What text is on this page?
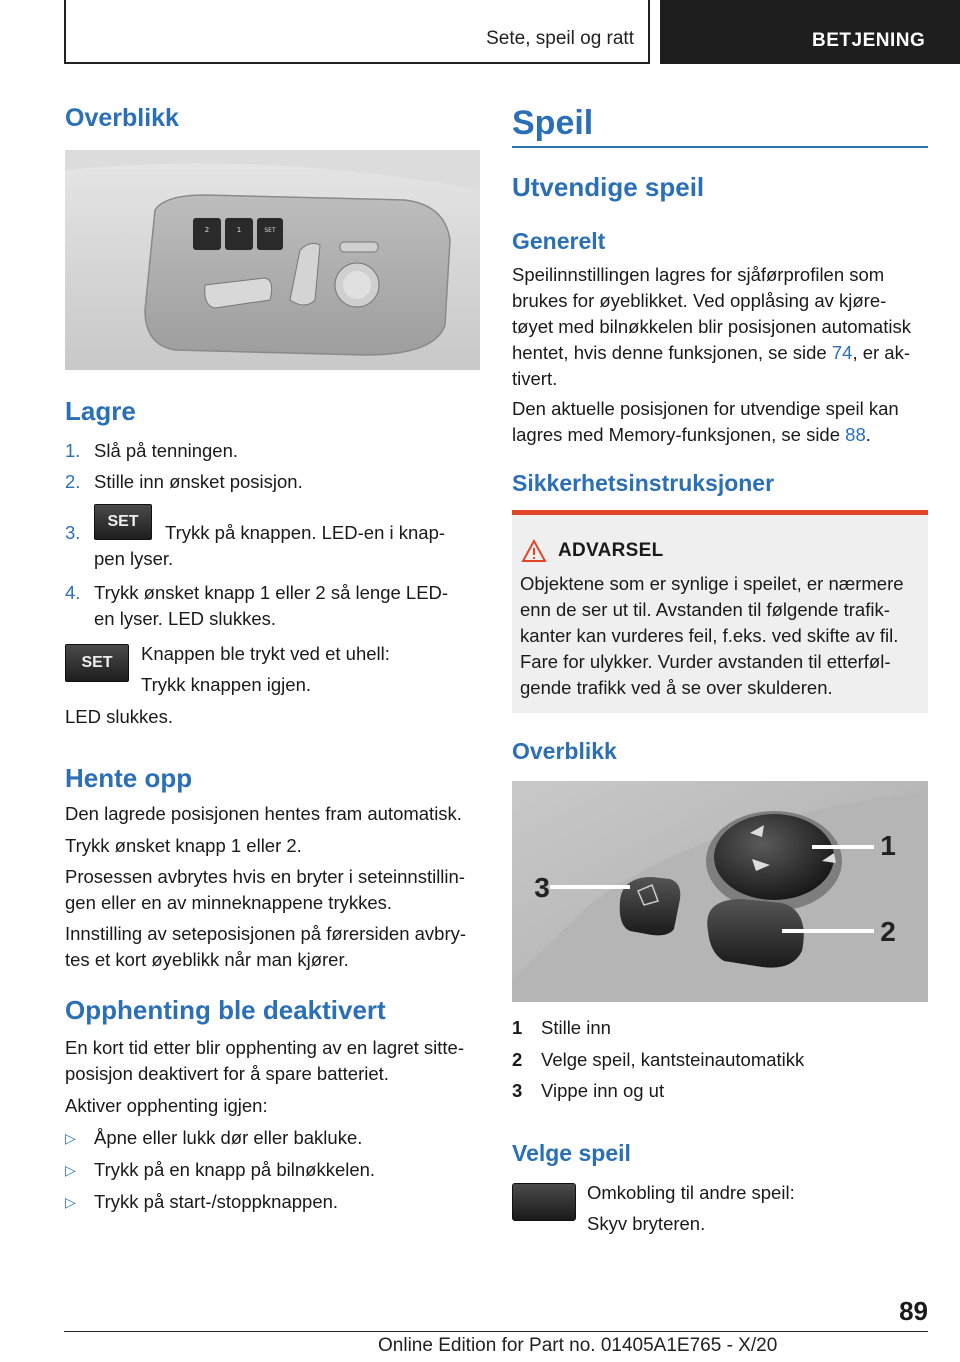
Sete, speil og ratt	BETJENING
Overblikk
2	1	SET
Lagre
1. Slå på tenningen.
2. Stille inn ønsket posisjon.
3.
SET
Trykk på knappen. LED-en i knap-
pen lyser.
4. Trykk ønsket knapp 1 eller 2 så lenge LED-
en lyser. LED slukkes.
SET	Knappen ble trykt ved et uhell:

Trykk knappen igjen.

LED slukkes.

Hente opp

Den lagrede posisjonen hentes fram automatisk.

Trykk ønsket knapp 1 eller 2.

Prosessen avbrytes hvis en bryter i seteinnstillin-

gen eller en av minneknappene trykkes.

Innstilling av seteposisjonen på førersiden avbry-

tes et kort øyeblikk når man kjører.

Opphenting ble deaktivert

En kort tid etter blir opphenting av en lagret sitte-

posisjon deaktivert for å spare batteriet.

Aktiver opphenting igjen:

▷ Åpne eller lukk dør eller bakluke.
▷ Trykk på en knapp på bilnøkkelen.
▷ Trykk på start-/stoppknappen.
Speil
Utvendige speil
Generelt

Speilinnstillingen lagres for sjåførprofilen som

brukes for øyeblikket. Ved opplåsing av kjøre-

tøyet med bilnøkkelen blir posisjonen automatisk

hentet, hvis denne funksjonen, se side 74, er ak-

tivert.

Den aktuelle posisjonen for utvendige speil kan

lagres med Memory-funksjonen, se side 88.

Sikkerhetsinstruksjoner
ADVARSEL

Objektene som er synlige i speilet, er nærmere

enn de ser ut til. Avstanden til følgende trafik-

kanter kan vurderes feil, f.eks. ved skifte av fil.

Fare for ulykker. Vurder avstanden til etterføl-

gende trafikk ved å se over skulderen.

Overblikk
3
1
2
1 Stille inn
2 Velge speil, kantsteinautomatikk
3 Vippe inn og ut
Velge speil

Omkobling til andre speil:

Skyv bryteren.

89
Online Edition for Part no. 01405A1E765 - X/20
